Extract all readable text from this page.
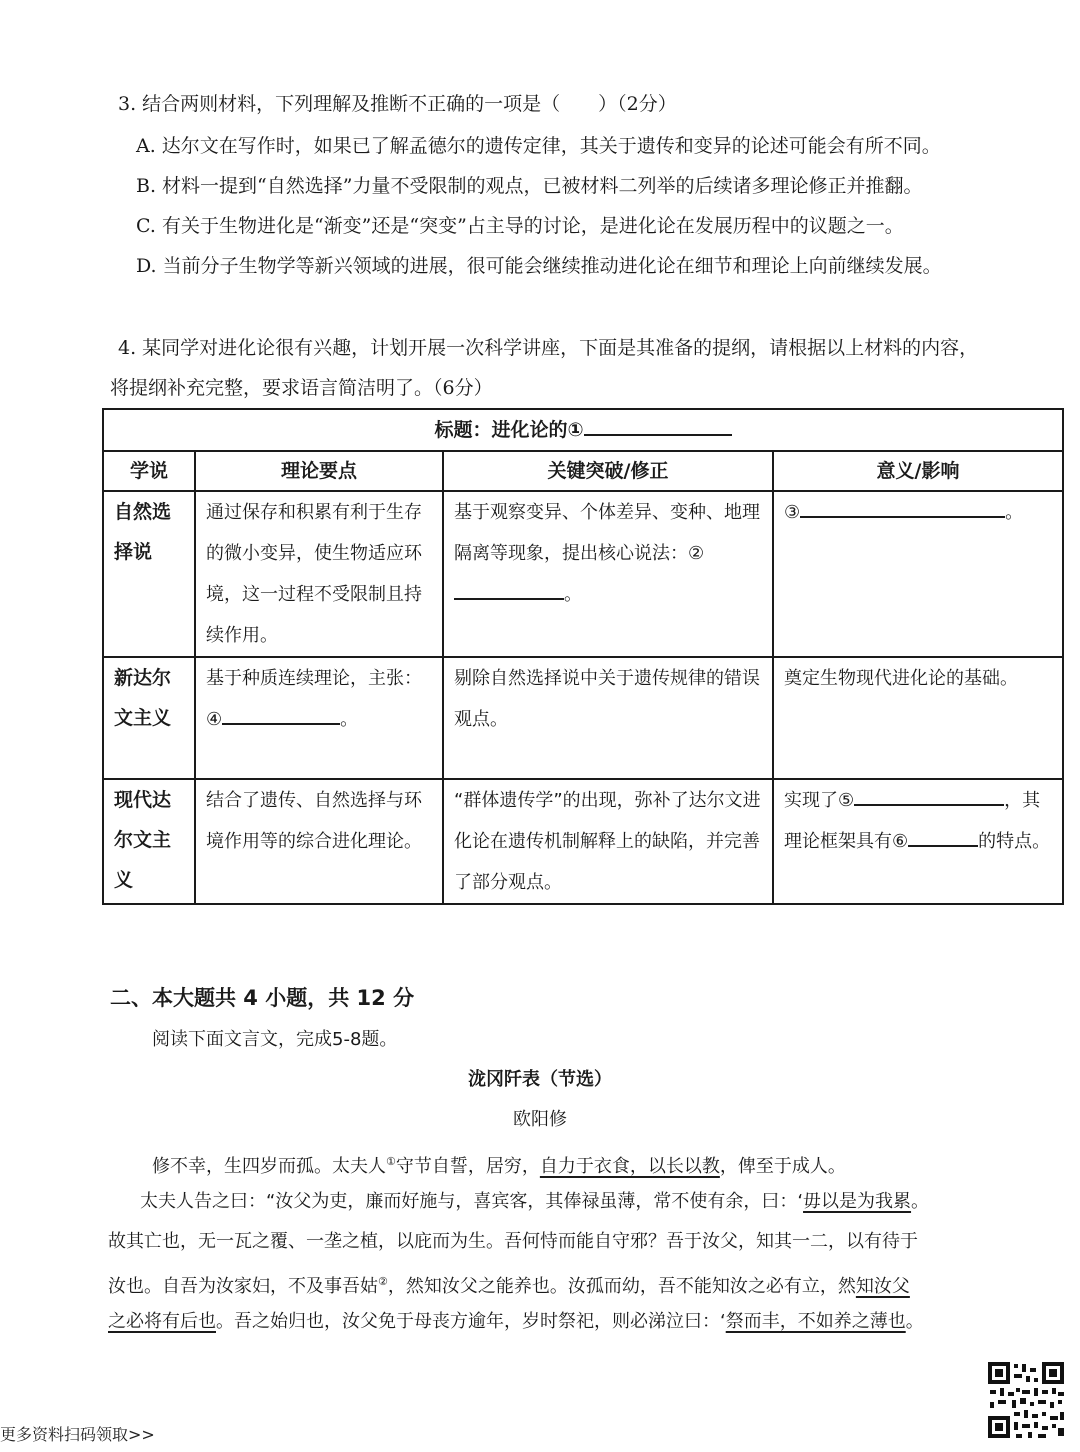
3. 结合两则材料，下列理解及推断不正确的一项是（　　）（2分）
A. 达尔文在写作时，如果已了解孟德尔的遗传定律，其关于遗传和变异的论述可能会有所不同。
B. 材料一提到“自然选择”力量不受限制的观点，已被材料二列举的后续诸多理论修正并推翻。
C. 有关于生物进化是“渐变”还是“突变”占主导的讨论，是进化论在发展历程中的议题之一。
D. 当前分子生物学等新兴领域的进展，很可能会继续推动进化论在细节和理论上向前继续发展。
4. 某同学对进化论很有兴趣，计划开展一次科学讲座，下面是其准备的提纲，请根据以上材料的内容，
将提纲补充完整，要求语言简洁明了。（6分）
标题：进化论的①			
学说	理论要点	关键突破/修正	意义/影响
自然选择说	通过保存和积累有利于生存的微小变异，使生物适应环境，这一过程不受限制且持续作用。	基于观察变异、个体差异、变种、地理隔离等现象，提出核心说法：②。	③ 。
新达尔文主义	基于种质连续理论，主张：④ 。	剔除自然选择说中关于遗传规律的错误观点。	奠定生物现代进化论的基础。
现代达尔文主义	结合了遗传、自然选择与环境作用等的综合进化理论。	“群体遗传学”的出现，弥补了达尔文进化论在遗传机制解释上的缺陷，并完善了部分观点。	实现了⑤ ，其理论框架具有⑥ 的特点。
二、本大题共 4 小题，共 12 分
阅读下面文言文，完成5-8题。
泷冈阡表（节选）
欧阳修
修不幸，生四岁而孤。太夫人①守节自誓，居穷，自力于衣食，以长以教，俾至于成人。
太夫人告之曰：“汝父为吏，廉而好施与，喜宾客，其俸禄虽薄，常不使有余，曰：‘毋以是为我累。
故其亡也，无一瓦之覆、一垄之植，以庇而为生。吾何恃而能自守邪？吾于汝父，知其一二，以有待于
汝也。自吾为汝家妇，不及事吾姑②，然知汝父之能养也。汝孤而幼，吾不能知汝之必有立，然知汝父
之必将有后也。吾之始归也，汝父免于母丧方逾年，岁时祭祀，则必涕泣曰：‘祭而丰，不如养之薄也。
更多资料扫码领取>>
